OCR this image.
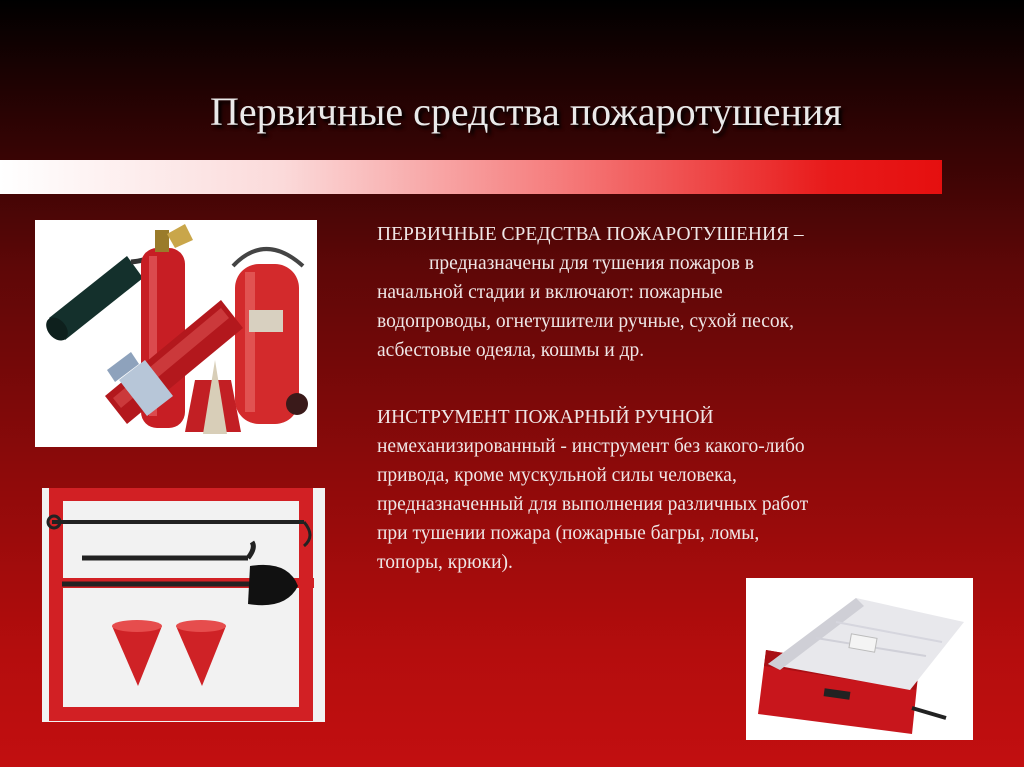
Первичные средства пожаротушения
ПЕРВИЧНЫЕ СРЕДСТВА ПОЖАРОТУШЕНИЯ –
предназначены для тушения пожаров в
начальной стадии и включают: пожарные
водопроводы, огнетушители ручные, сухой песок,
асбестовые одеяла, кошмы и др.
ИНСТРУМЕНТ ПОЖАРНЫЙ РУЧНОЙ
немеханизированный - инструмент без какого-либо
привода, кроме мускульной силы человека,
предназначенный для выполнения различных работ
при тушении пожара (пожарные багры, ломы,
топоры, крюки).
